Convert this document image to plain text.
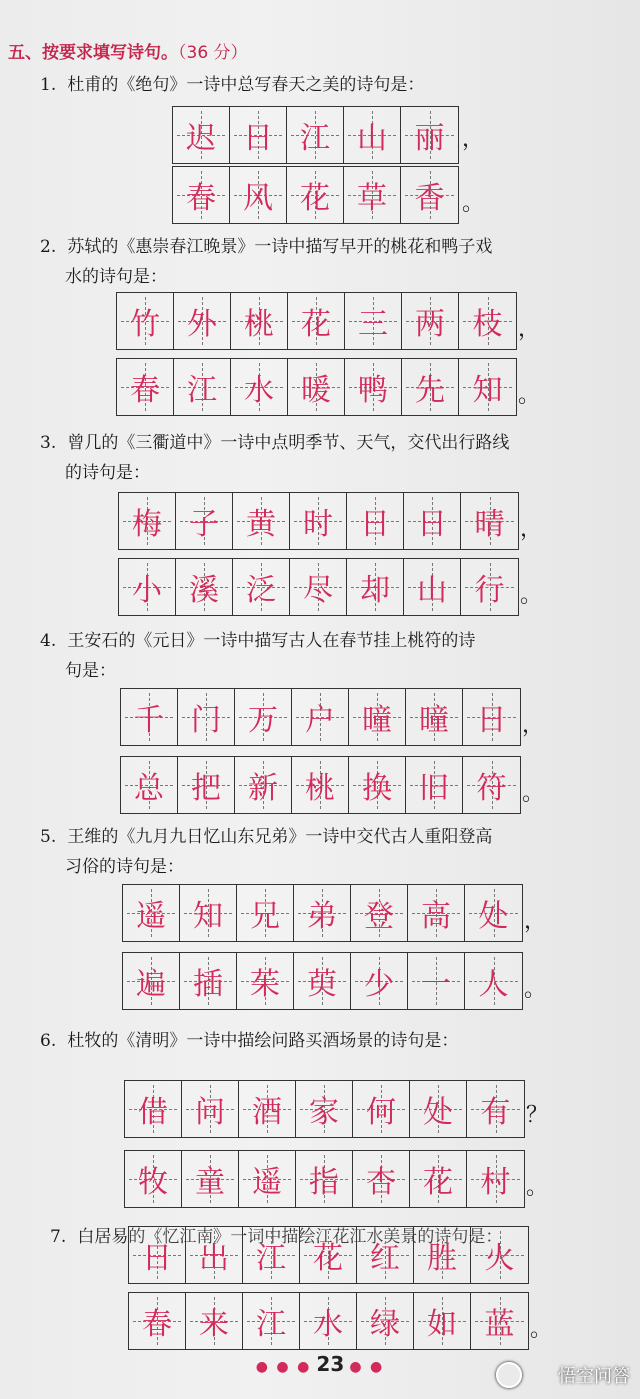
五、按要求填写诗句。（36 分）
1. 杜甫的《绝句》一诗中总写春天之美的诗句是：
迟 日 江 山 丽 ，
春 风 花 草 香 。
2. 苏轼的《惠崇春江晚景》一诗中描写早开的桃花和鸭子戏
水的诗句是：
竹 外 桃 花 三 两 枝 ，
春 江 水 暖 鸭 先 知 。
3. 曾几的《三衢道中》一诗中点明季节、天气，交代出行路线
的诗句是：
梅 子 黄 时 日 日 晴 ，
小 溪 泛 尽 却 山 行 。
4. 王安石的《元日》一诗中描写古人在春节挂上桃符的诗
句是：
千 门 万 户 曈 曈 日 ，
总 把 新 桃 换 旧 符 。
5. 王维的《九月九日忆山东兄弟》一诗中交代古人重阳登高
习俗的诗句是：
遥 知 兄 弟 登 高 处 ，
遍 插 茱 萸 少 一 人 。
6. 杜牧的《清明》一诗中描绘问路买酒场景的诗句是：
借 问 酒 家 何 处 有 ？
牧 童 遥 指 杏 花 村 。
7. 白居易的《忆江南》一词中描绘江花江水美景的诗句是：
日 出 江 花 红 胜 火
春 来 江 水 绿 如 蓝 。
● ● ● 23 ● ●	悟空问答
